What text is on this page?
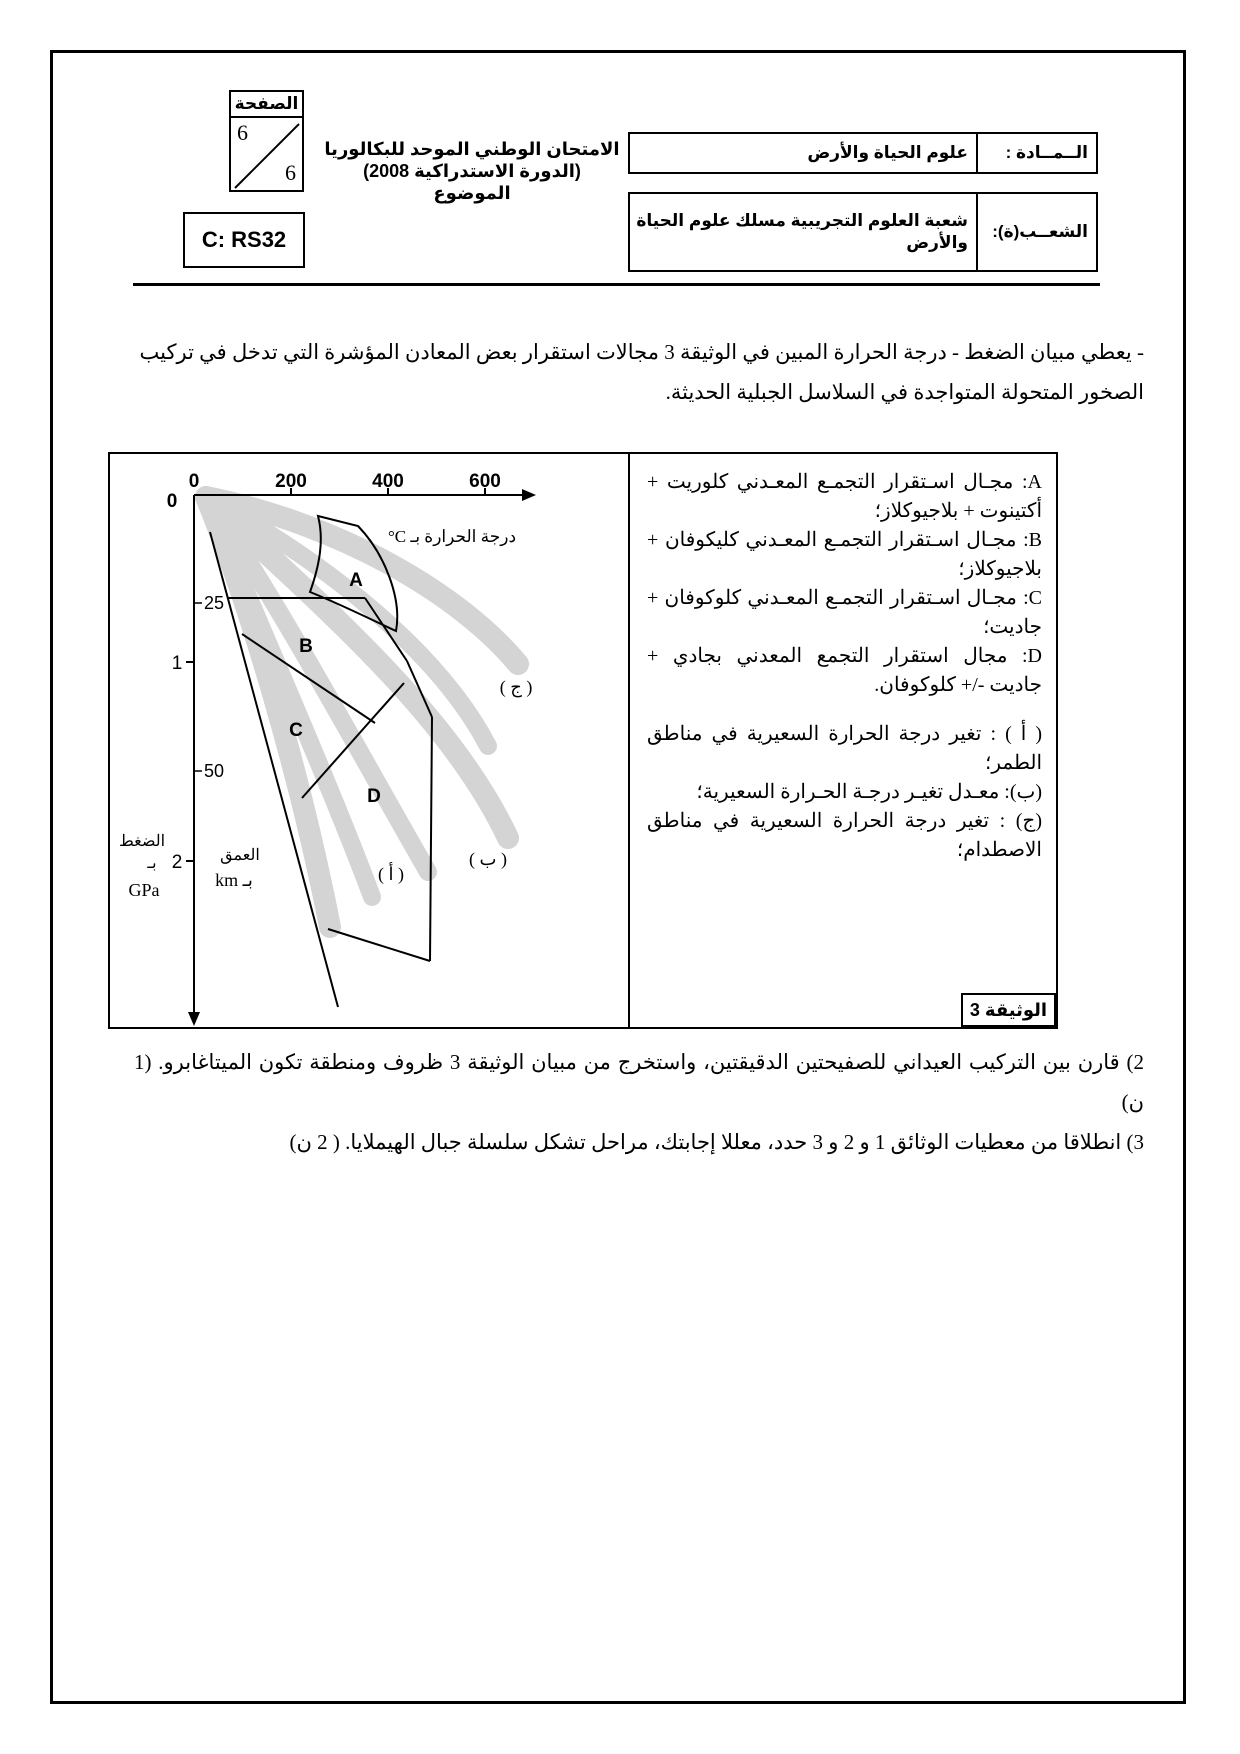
الصفحة
6
6
C: RS32
الامتحان الوطني الموحد للبكالوريا
(الدورة الاستدراكية 2008)
الموضوع
الــمــادة :
علوم الحياة والأرض
الشعــب(ة):
شعبة العلوم التجريبية مسلك علوم الحياة والأرض
- يعطي مبيان الضغط - درجة الحرارة المبين في الوثيقة 3 مجالات استقرار بعض المعادن المؤشرة التي تدخل في تركيب الصخور المتحولة المتواجدة في السلاسل الجبلية الحديثة.
0	200	400	600
0
1
2
25
50
درجة الحرارة بـ C°
الضغط
بـ
GPa
العمق
بـ km
A
B
C
D
( أ )
( ب )
( ج )

A: مجـال اسـتقرار التجمـع المعـدني كلوريت + أكتينوت + بلاجيوكلاز؛

B: مجـال اسـتقرار التجمـع المعـدني كليكوفان + بلاجيوكلاز؛

C: مجـال اسـتقرار التجمـع المعـدني كلوكوفان + جاديت؛

D: مجال استقرار التجمع المعدني بجادي + جاديت -/+ كلوكوفان.

( أ ) : تغير درجة الحرارة السعيرية في مناطق الطمر؛

(ب): معـدل تغيـر درجـة الحـرارة السعيرية؛

(ج) : تغير درجة الحرارة السعيرية في مناطق الاصطدام؛

الوثيقة 3
2) قارن بين التركيب العيداني للصفيحتين الدقيقتين، واستخرج من مبيان الوثيقة 3 ظروف ومنطقة تكون الميتاغابرو. (1 ن)
3) انطلاقا من معطيات الوثائق 1 و 2 و 3 حدد، معللا إجابتك، مراحل تشكل سلسلة جبال الهيملايا. ( 2 ن)
